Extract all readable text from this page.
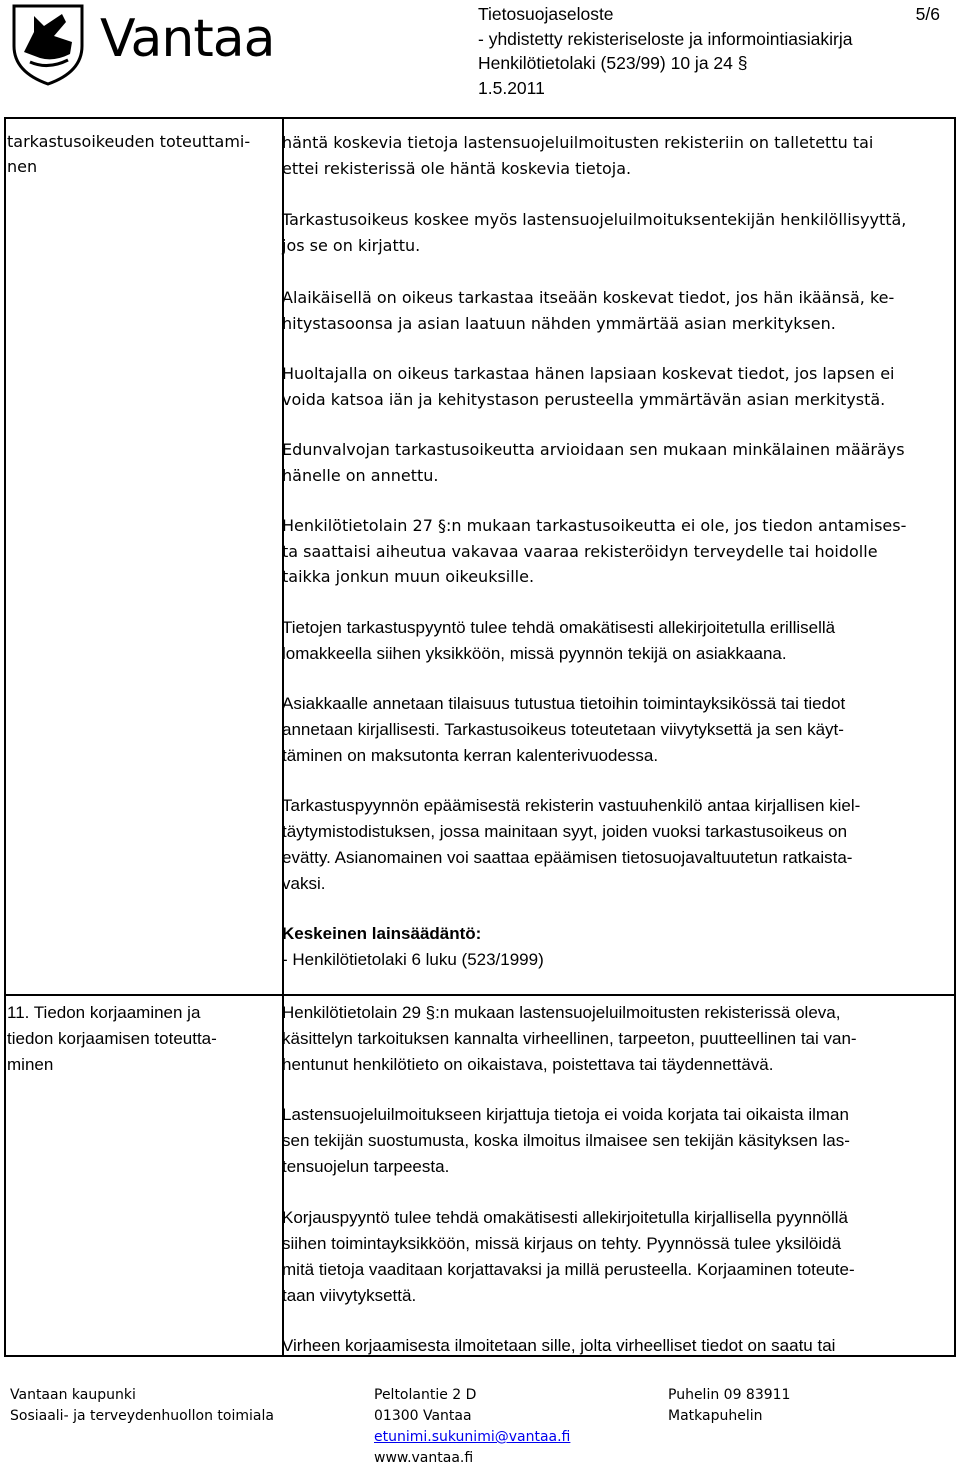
Vantaa	Tietosuojaseloste
- yhdistetty rekisteriseloste ja informointiasiakirja
Henkilötietolaki (523/99) 10 ja 24 §
1.5.2011
5/6
tarkastusoikeuden toteuttami-
nen
häntä koskevia tietoja lastensuojeluilmoitusten rekisteriin on talletettu tai
ettei rekisterissä ole häntä koskevia tietoja.
Tarkastusoikeus koskee myös lastensuojeluilmoituksentekijän henkilöllisyyttä,
jos se on kirjattu.
Alaikäisellä on oikeus tarkastaa itseään koskevat tiedot, jos hän ikäänsä, ke-
hitystasoonsa ja asian laatuun nähden ymmärtää asian merkityksen.
Huoltajalla on oikeus tarkastaa hänen lapsiaan koskevat tiedot, jos lapsen ei
voida katsoa iän ja kehitystason perusteella ymmärtävän asian merkitystä.
Edunvalvojan tarkastusoikeutta arvioidaan sen mukaan minkälainen määräys
hänelle on annettu.
Henkilötietolain 27 §:n mukaan tarkastusoikeutta ei ole, jos tiedon antamises-
ta saattaisi aiheutua vakavaa vaaraa rekisteröidyn terveydelle tai hoidolle
taikka jonkun muun oikeuksille.
Tietojen tarkastuspyyntö tulee tehdä omakätisesti allekirjoitetulla erillisellä
lomakkeella siihen yksikköön, missä pyynnön tekijä on asiakkaana.
Asiakkaalle annetaan tilaisuus tutustua tietoihin toimintayksikössä tai tiedot
annetaan kirjallisesti. Tarkastusoikeus toteutetaan viivytyksettä ja sen käyt-
täminen on maksutonta kerran kalenterivuodessa.
Tarkastuspyynnön epäämisestä rekisterin vastuuhenkilö antaa kirjallisen kiel-
täytymistodistuksen, jossa mainitaan syyt, joiden vuoksi tarkastusoikeus on
evätty. Asianomainen voi saattaa epäämisen tietosuojavaltuutetun ratkaista-
vaksi.
Keskeinen lainsäädäntö:
- Henkilötietolaki 6 luku (523/1999)
11. Tiedon korjaaminen ja
tiedon korjaamisen toteutta-
minen
Henkilötietolain 29 §:n mukaan lastensuojeluilmoitusten rekisterissä oleva,
käsittelyn tarkoituksen kannalta virheellinen, tarpeeton, puutteellinen tai van-
hentunut henkilötieto on oikaistava, poistettava tai täydennettävä.
Lastensuojeluilmoitukseen kirjattuja tietoja ei voida korjata tai oikaista ilman
sen tekijän suostumusta, koska ilmoitus ilmaisee sen tekijän käsityksen las-
tensuojelun tarpeesta.
Korjauspyyntö tulee tehdä omakätisesti allekirjoitetulla kirjallisella pyynnöllä
siihen toimintayksikköön, missä kirjaus on tehty. Pyynnössä tulee yksilöidä
mitä tietoja vaaditaan korjattavaksi ja millä perusteella. Korjaaminen toteute-
taan viivytyksettä.
Virheen korjaamisesta ilmoitetaan sille, jolta virheelliset tiedot on saatu tai
Vantaan kaupunki
Sosiaali- ja terveydenhuollon toimiala
Peltolantie 2 D
01300 Vantaa
etunimi.sukunimi@vantaa.fi
www.vantaa.fi
Puhelin 09 83911
Matkapuhelin
